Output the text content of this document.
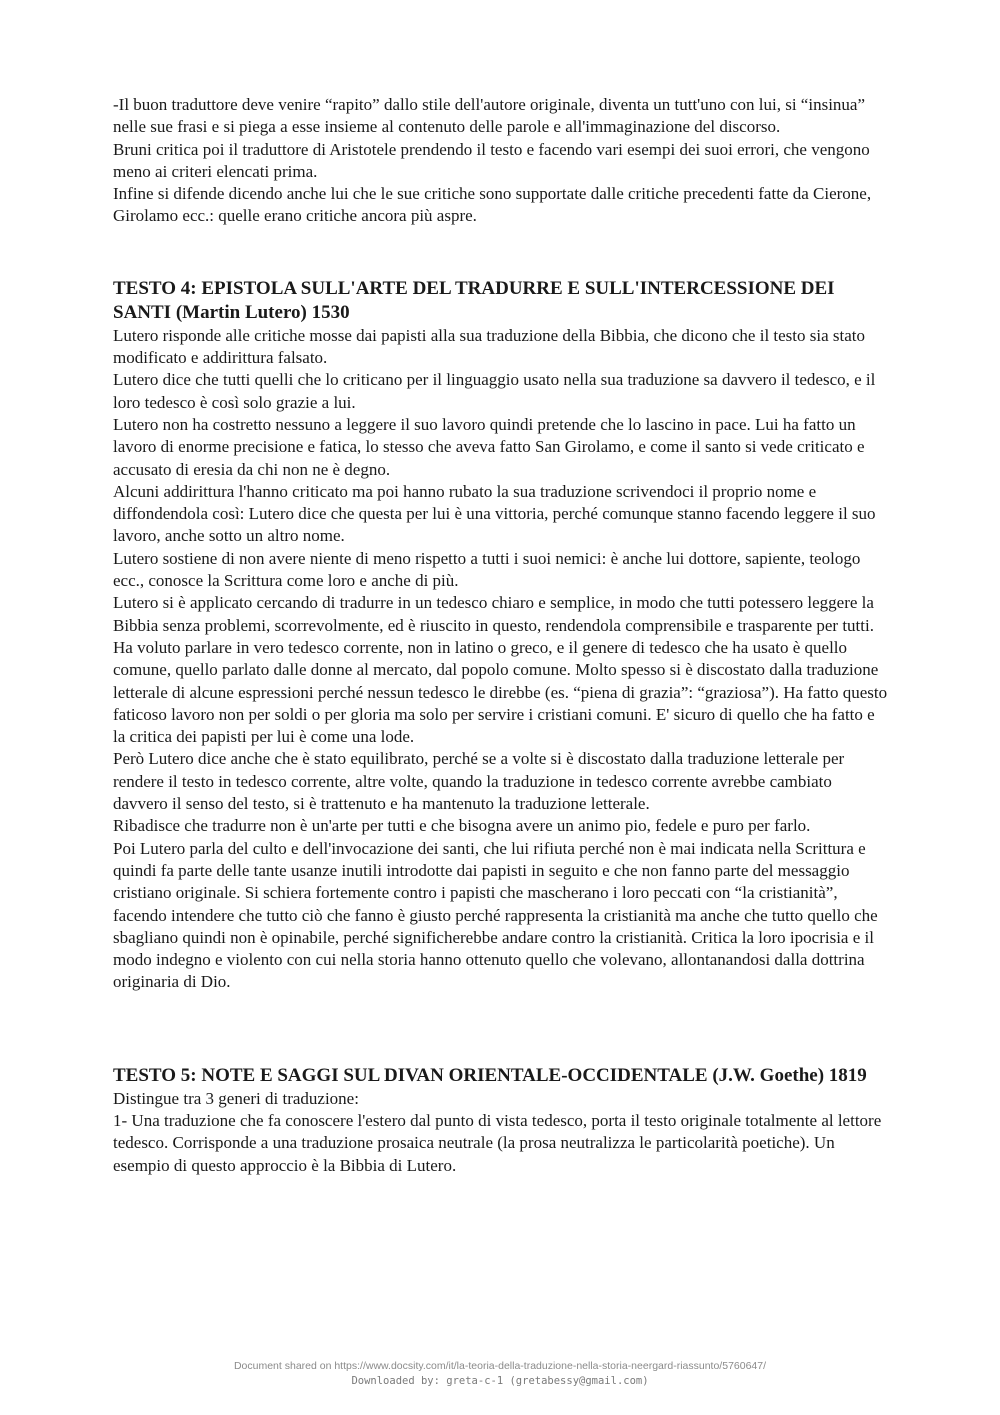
-Il buon traduttore deve venire “rapito” dallo stile dell'autore originale, diventa un tutt'uno con lui, si “insinua” nelle sue frasi e si piega a esse insieme al contenuto delle parole e all'immaginazione del discorso.

Bruni critica poi il traduttore di Aristotele prendendo il testo e facendo vari esempi dei suoi errori, che vengono meno ai criteri elencati prima.

Infine si difende dicendo anche lui che le sue critiche sono supportate dalle critiche precedenti fatte da Cierone, Girolamo ecc.: quelle erano critiche ancora più aspre.

TESTO 4: EPISTOLA SULL'ARTE DEL TRADURRE E SULL'INTERCESSIONE DEI SANTI (Martin Lutero) 1530

Lutero risponde alle critiche mosse dai papisti alla sua traduzione della Bibbia, che dicono che il testo sia stato modificato e addirittura falsato.

Lutero dice che tutti quelli che lo criticano per il linguaggio usato nella sua traduzione sa davvero il tedesco, e il loro tedesco è così solo grazie a lui.

Lutero non ha costretto nessuno a leggere il suo lavoro quindi pretende che lo lascino in pace. Lui ha fatto un lavoro di enorme precisione e fatica, lo stesso che aveva fatto San Girolamo, e come il santo si vede criticato e accusato di eresia da chi non ne è degno.

Alcuni addirittura l'hanno criticato ma poi hanno rubato la sua traduzione scrivendoci il proprio nome e diffondendola così: Lutero dice che questa per lui è una vittoria, perché comunque stanno facendo leggere il suo lavoro, anche sotto un altro nome.

Lutero sostiene di non avere niente di meno rispetto a tutti i suoi nemici: è anche lui dottore, sapiente, teologo ecc., conosce la Scrittura come loro e anche di più.

Lutero si è applicato cercando di tradurre in un tedesco chiaro e semplice, in modo che tutti potessero leggere la Bibbia senza problemi, scorrevolmente, ed è riuscito in questo, rendendola comprensibile e trasparente per tutti. Ha voluto parlare in vero tedesco corrente, non in latino o greco, e il genere di tedesco che ha usato è quello comune, quello parlato dalle donne al mercato, dal popolo comune. Molto spesso si è discostato dalla traduzione letterale di alcune espressioni perché nessun tedesco le direbbe (es. “piena di grazia”: “graziosa”). Ha fatto questo faticoso lavoro non per soldi o per gloria ma solo per servire i cristiani comuni. E' sicuro di quello che ha fatto e la critica dei papisti per lui è come una lode.

Però Lutero dice anche che è stato equilibrato, perché se a volte si è discostato dalla traduzione letterale per rendere il testo in tedesco corrente, altre volte, quando la traduzione in tedesco corrente avrebbe cambiato davvero il senso del testo, si è trattenuto e ha mantenuto la traduzione letterale.

Ribadisce che tradurre non è un'arte per tutti e che bisogna avere un animo pio, fedele e puro per farlo.

Poi Lutero parla del culto e dell'invocazione dei santi, che lui rifiuta perché non è mai indicata nella Scrittura e quindi fa parte delle tante usanze inutili introdotte dai papisti in seguito e che non fanno parte del messaggio cristiano originale. Si schiera fortemente contro i papisti che mascherano i loro peccati con “la cristianità”, facendo intendere che tutto ciò che fanno è giusto perché rappresenta la cristianità ma anche che tutto quello che sbagliano quindi non è opinabile, perché significherebbe andare contro la cristianità. Critica la loro ipocrisia e il modo indegno e violento con cui nella storia hanno ottenuto quello che volevano, allontanandosi dalla dottrina originaria di Dio.

TESTO 5: NOTE E SAGGI SUL DIVAN ORIENTALE-OCCIDENTALE (J.W. Goethe) 1819

Distingue tra 3 generi di traduzione:

1- Una traduzione che fa conoscere l'estero dal punto di vista tedesco, porta il testo originale totalmente al lettore tedesco. Corrisponde a una traduzione prosaica neutrale (la prosa neutralizza le particolarità poetiche). Un esempio di questo approccio è la Bibbia di Lutero.

Document shared on https://www.docsity.com/it/la-teoria-della-traduzione-nella-storia-neergard-riassunto/5760647/
Downloaded by: greta-c-1 (gretabessy@gmail.com)
